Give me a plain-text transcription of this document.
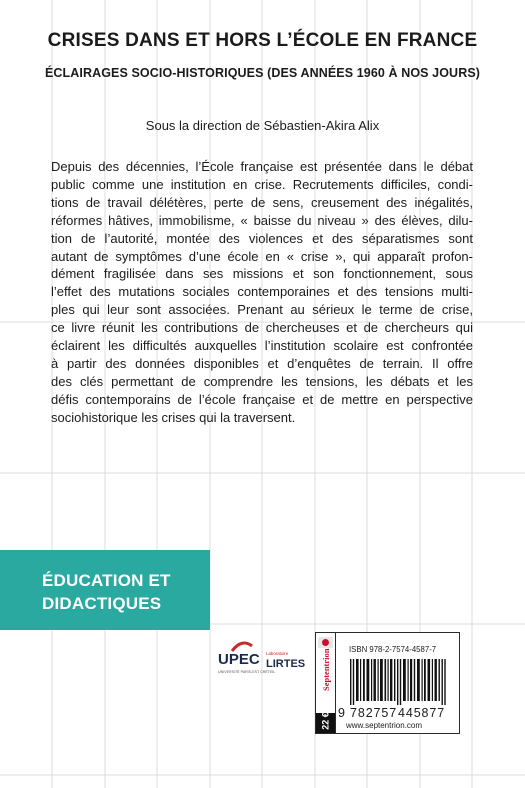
CRISES DANS ET HORS L’ÉCOLE EN FRANCE
ÉCLAIRAGES SOCIO-HISTORIQUES (DES ANNÉES 1960 À NOS JOURS)

Sous la direction de Sébastien-Akira Alix

Depuis des décennies, l’École française est présentée dans le débat
public comme une institution en crise. Recrutements difficiles, condi-
tions de travail délétères, perte de sens, creusement des inégalités,
réformes hâtives, immobilisme, « baisse du niveau » des élèves, dilu-
tion de l’autorité, montée des violences et des séparatismes sont
autant de symptômes d’une école en « crise », qui apparaît profon-
dément fragilisée dans ses missions et son fonctionnement, sous
l’effet des mutations sociales contemporaines et des tensions multi-
ples qui leur sont associées. Prenant au sérieux le terme de crise,
ce livre réunit les contributions de chercheuses et de chercheurs qui
éclairent les difficultés auxquelles l’institution scolaire est confrontée
à partir des données disponibles et d’enquêtes de terrain. Il offre
des clés permettant de comprendre les tensions, les débats et les
défis contemporains de l’école française et de mettre en perspective
sociohistorique les crises qui la traversent.

ÉDUCATION ET
DIDACTIQUES
UPEC
UNIVERSITÉ PARIS-EST CRÉTEIL
Laboratoire
LIRTES Septentrion
22 €
ISBN 978-2-7574-4587-7
9 782757 445877
www.septentrion.com
